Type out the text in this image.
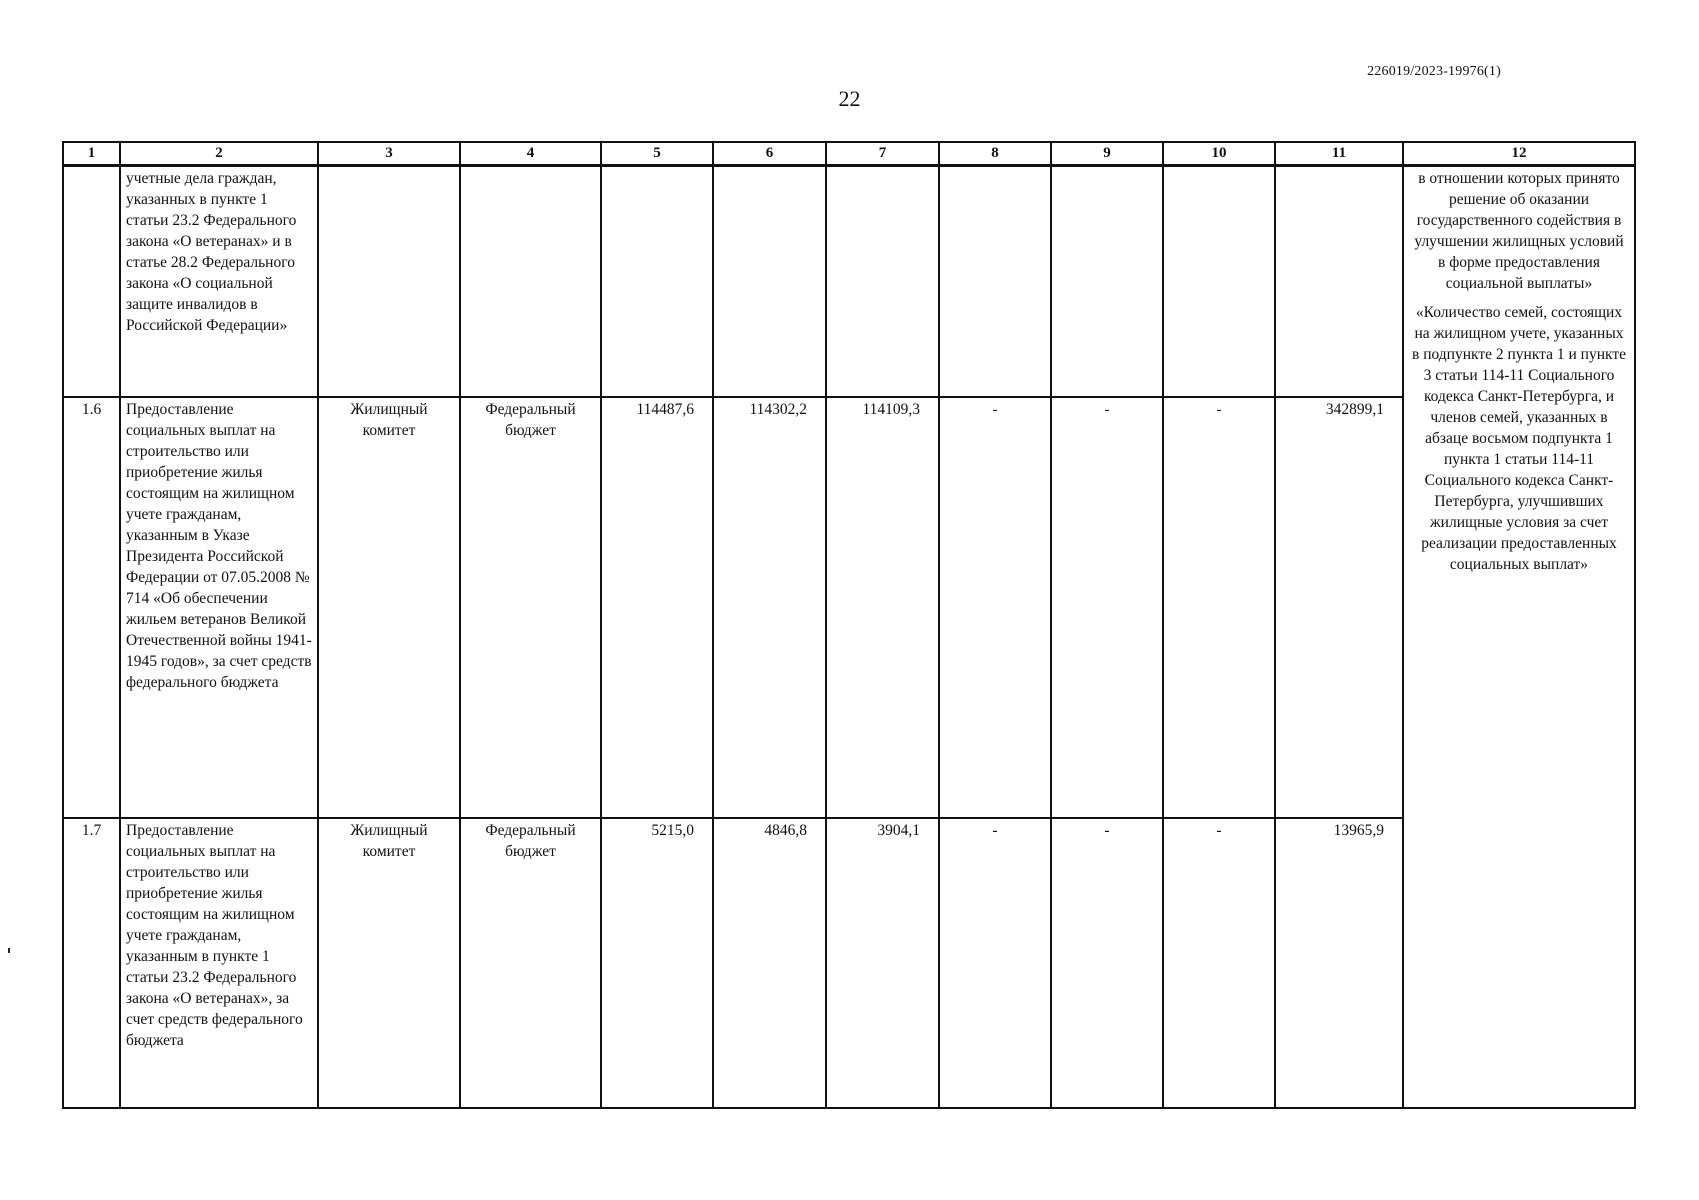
226019/2023-19976(1)
22
1	2	3	4	5	6	7	8	9	10	11	12
	учетные дела граждан, указанных в пункте 1 статьи 23.2 Федерального закона «О ветеранах» и в статье 28.2 Федерального закона «О социальной защите инвалидов в Российской Федерации»										в отношении которых принято решение об оказании государственного содействия в улучшении жилищных условий в форме предоставления социальной выплаты»
«Количество семей, состоящих на жилищном учете, указанных в подпункте 2 пункта 1 и пункте 3 статьи 114-11 Социального кодекса Санкт-Петербурга, и членов семей, указанных в абзаце восьмом подпункта 1 пункта 1 статьи 114-11 Социального кодекса Санкт-Петербурга, улучшивших жилищные условия за счет реализации предоставленных социальных выплат»

1.6	Предоставление социальных выплат на строительство или приобретение жилья состоящим на жилищном учете гражданам, указанным в Указе Президента Российской Федерации от 07.05.2008 № 714 «Об обеспечении жильем ветеранов Великой Отечественной войны 1941-1945 годов», за счет средств федерального бюджета	Жилищный комитет	Федеральный бюджет	114487,6	114302,2	114109,3	-	-	-	342899,1	
1.7	Предоставление социальных выплат на строительство или приобретение жилья состоящим на жилищном учете гражданам, указанным в пункте 1 статьи 23.2 Федерального закона «О ветеранах», за счет средств федерального бюджета	Жилищный комитет	Федеральный бюджет	5215,0	4846,8	3904,1	-	-	-	13965,9	
